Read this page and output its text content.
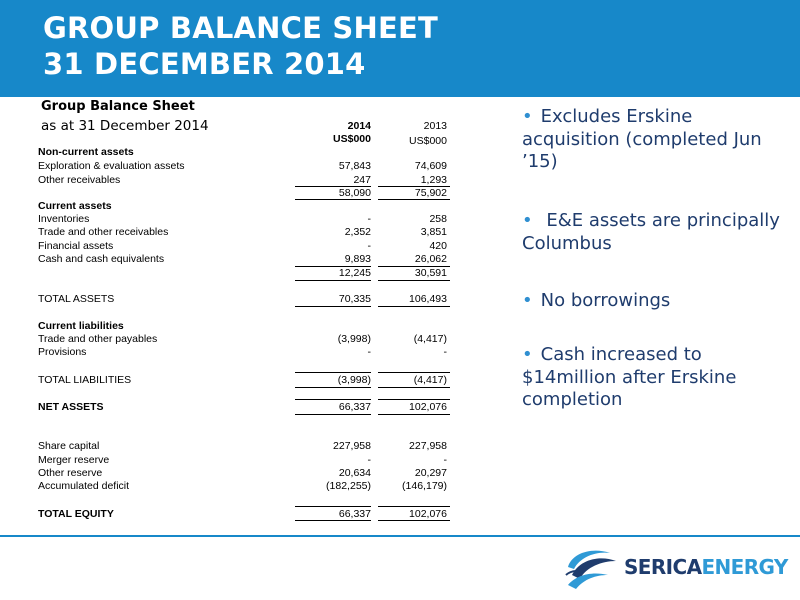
GROUP BALANCE SHEET
31 DECEMBER 2014
Group Balance Sheet
as at 31 December 2014	2014	2013
US$000	US$000
Non-current assets
Exploration & evaluation assets	57,843	74,609
Other receivables	247	1,293
58,090	75,902
Current assets
Inventories	-	258
Trade and other receivables	2,352	3,851
Financial assets	-	420
Cash and cash equivalents	9,893	26,062
12,245	30,591
TOTAL ASSETS	70,335	106,493
Current liabilities
Trade and other payables	(3,998)	(4,417)
Provisions	-	-
TOTAL LIABILITIES	(3,998)	(4,417)
NET ASSETS	66,337	102,076
Share capital	227,958	227,958
Merger reserve	-	-
Other reserve	20,634	20,297
Accumulated deficit	(182,255)	(146,179)
TOTAL EQUITY	66,337	102,076
• Excludes Erskine acquisition (completed Jun ’15)
• E&E assets are principally Columbus
• No borrowings
• Cash increased to $14million after Erskine completion
SERICAENERGY
